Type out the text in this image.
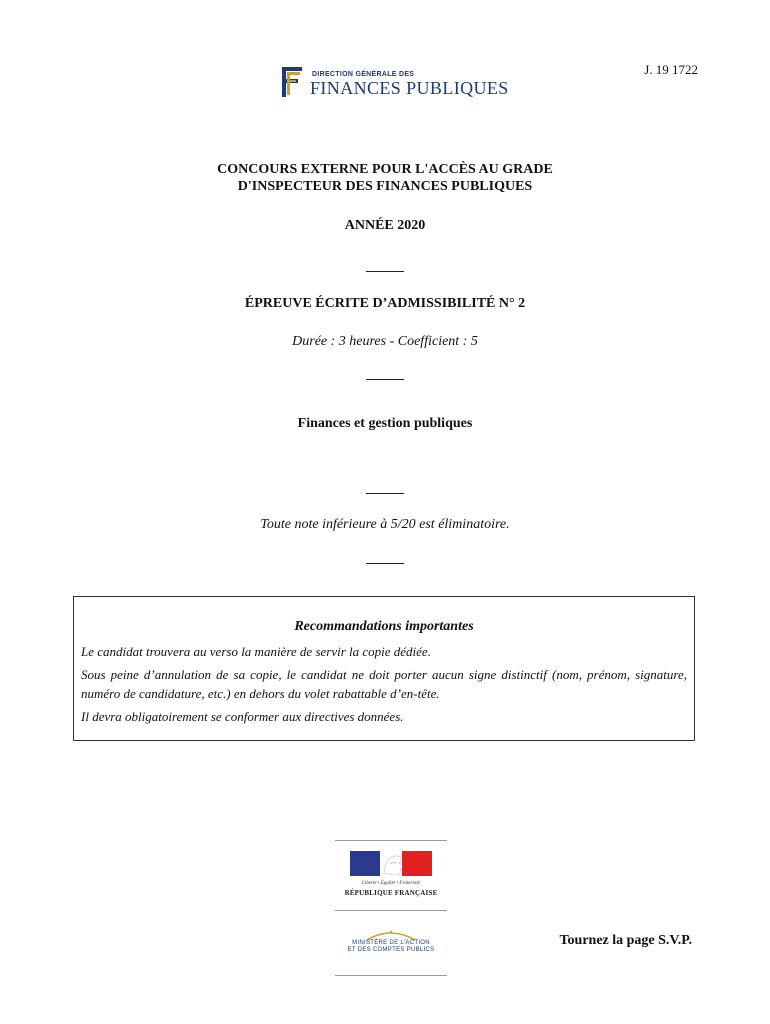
DIRECTION GÉNÉRALE DES
FINANCES PUBLIQUES
J. 19 1722
CONCOURS EXTERNE POUR L'ACCÈS AU GRADE
D'INSPECTEUR DES FINANCES PUBLIQUES
ANNÉE 2020
ÉPREUVE ÉCRITE D’ADMISSIBILITÉ N° 2
Durée : 3 heures - Coefficient : 5
Finances et gestion publiques
Toute note inférieure à 5/20 est éliminatoire.
Recommandations importantes

Le candidat trouvera au verso la manière de servir la copie dédiée.

Sous peine d’annulation de sa copie, le candidat ne doit porter aucun signe distinctif (nom, prénom, signature, numéro de candidature, etc.) en dehors du volet rabattable d’en-tête.

Il devra obligatoirement se conformer aux directives données.

Liberté • Égalité • Fraternité
RÉPUBLIQUE FRANÇAISE
MINISTÈRE DE L'ACTION
ET DES COMPTES PUBLICS
Tournez la page S.V.P.
